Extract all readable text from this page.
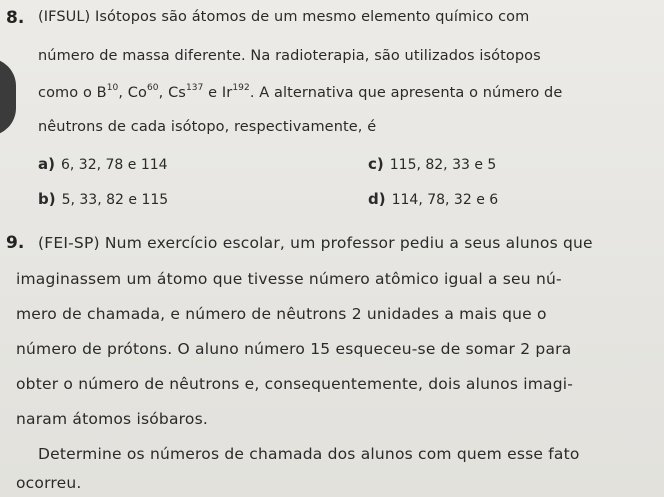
8. (IFSUL) Isótopos são átomos de um mesmo elemento químico com
número de massa diferente. Na radioterapia, são utilizados isótopos
como o $B^{10}$, Co$^{60}$, Cs$^{137}$ e Ir$^{192}$. A alternativa que apresenta o número de
nêutrons de cada isótopo, respectivamente, é
a) 6, 32, 78 e 114
b) 5, 33, 82 e 115
c) 115, 82, 33 e 5
d) 114, 78, 32 e 6
9. (FEI-SP) Num exercício escolar, um professor pediu a seus alunos que
imaginassem um átomo que tivesse número atômico igual a seu nú-
mero de chamada, e número de nêutrons 2 unidades a mais que o
número de prótons. O aluno número 15 esqueceu-se de somar 2 para
obter o número de nêutrons e, consequentemente, dois alunos imagi-
naram átomos isóbaros.
Determine os números de chamada dos alunos com quem esse fato
ocorreu.
